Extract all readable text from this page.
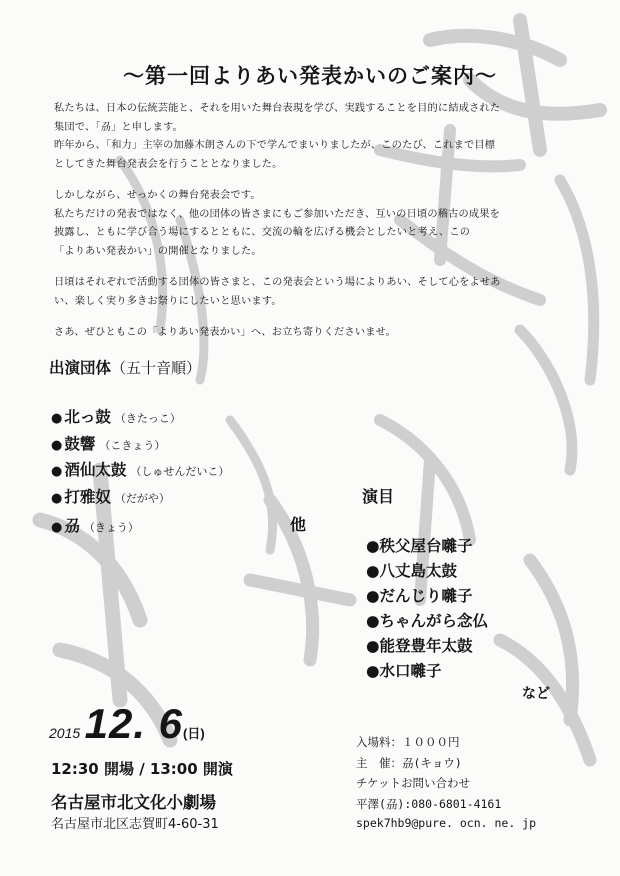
〜第一回よりあい発表かいのご案内〜

私たちは、日本の伝統芸能と、それを用いた舞台表現を学び、実践することを目的に結成された
集団で、「刕」と申します。
昨年から、「和力」主宰の加藤木朗さんの下で学んでまいりましたが、このたび、これまで目標
としてきた舞台発表会を行うこととなりました。

しかしながら、せっかくの舞台発表会です。
私たちだけの発表ではなく、他の団体の皆さまにもご参加いただき、互いの日頃の稽古の成果を
披露し、ともに学び合う場にするとともに、交流の輪を広げる機会としたいと考え、この
「よりあい発表かい」の開催となりました。

日頃はそれぞれで活動する団体の皆さまと、この発表会という場によりあい、そして心をよせあ
い、楽しく実り多きお祭りにしたいと思います。

さあ、ぜひともこの「よりあい発表かい」へ、お立ち寄りくださいませ。

出演団体（五十音順）
● 北っ鼓 （きたっこ）
● 鼓響 （こきょう）
● 酒仙太鼓 （しゅせんだいこ）
● 打雅奴 （だがや）
● 刕 （きょう）	他
演目
●秩父屋台囃子
●八丈島太鼓
●だんじり囃子
●ちゃんがら念仏
●能登豊年太鼓
●水口囃子
など
2015 12. 6(日)
12:30 開場 / 13:00 開演
名古屋市北文化小劇場
名古屋市北区志賀町4-60-31
入場料：１０００円
主　催：刕(キョウ)
チケットお問い合わせ
平澤(刕):080-6801-4161
spek7hb9@pure. ocn. ne. jp
